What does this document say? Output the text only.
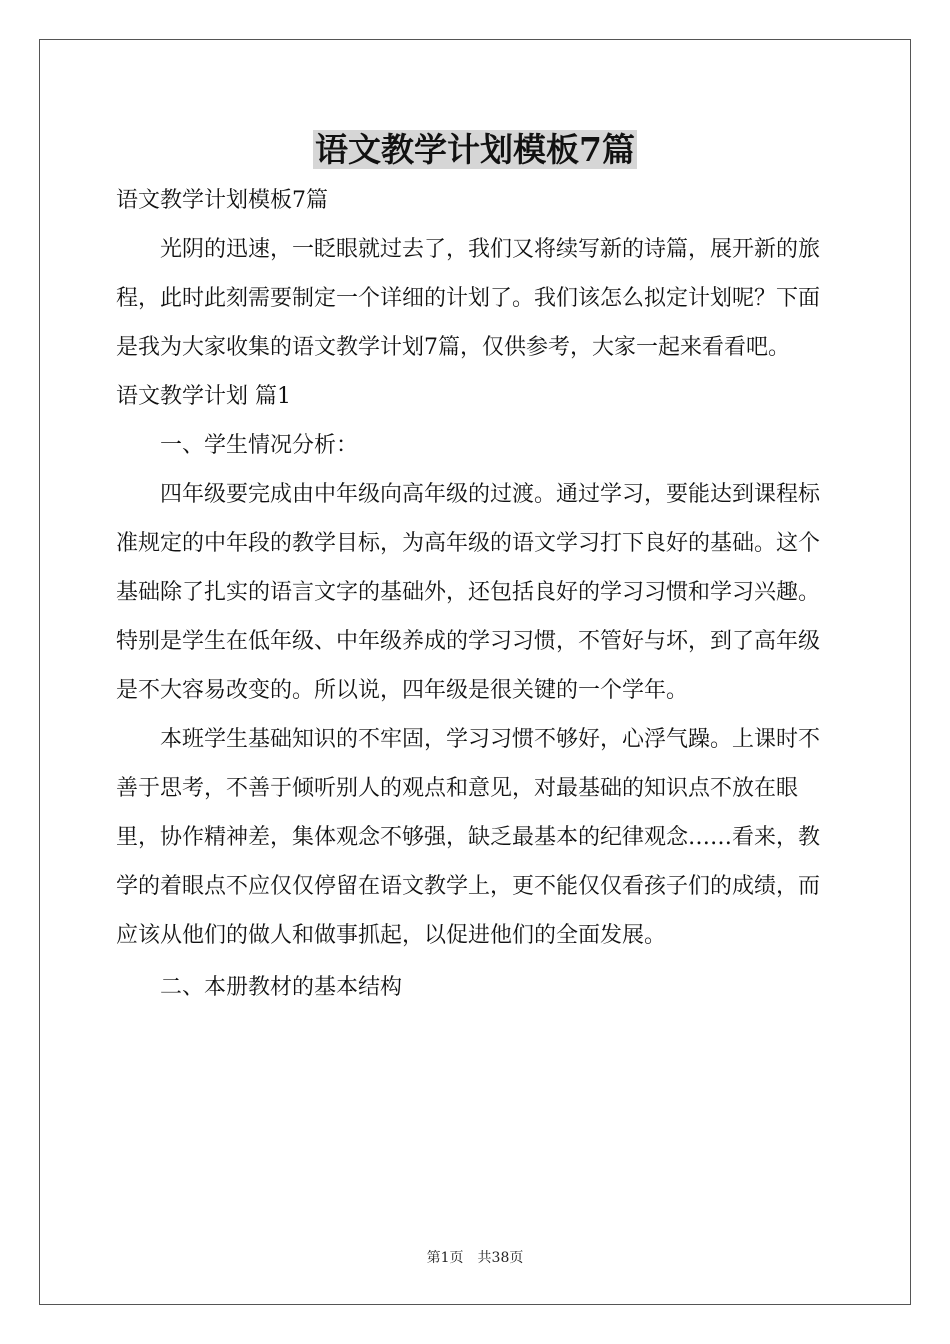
语文教学计划模板7篇

语文教学计划模板7篇

光阴的迅速，一眨眼就过去了，我们又将续写新的诗篇，展开新的旅程，此时此刻需要制定一个详细的计划了。我们该怎么拟定计划呢？下面是我为大家收集的语文教学计划7篇，仅供参考，大家一起来看看吧。

语文教学计划 篇1

一、学生情况分析：

四年级要完成由中年级向高年级的过渡。通过学习，要能达到课程标准规定的中年段的教学目标，为高年级的语文学习打下良好的基础。这个基础除了扎实的语言文字的基础外，还包括良好的学习习惯和学习兴趣。特别是学生在低年级、中年级养成的学习习惯，不管好与坏，到了高年级是不大容易改变的。所以说，四年级是很关键的一个学年。

本班学生基础知识的不牢固，学习习惯不够好，心浮气躁。上课时不善于思考，不善于倾听别人的观点和意见，对最基础的知识点不放在眼里，协作精神差，集体观念不够强，缺乏最基本的纪律观念……看来，教学的着眼点不应仅仅停留在语文教学上，更不能仅仅看孩子们的成绩，而应该从他们的做人和做事抓起，以促进他们的全面发展。

二、本册教材的基本结构

第1页 共38页
